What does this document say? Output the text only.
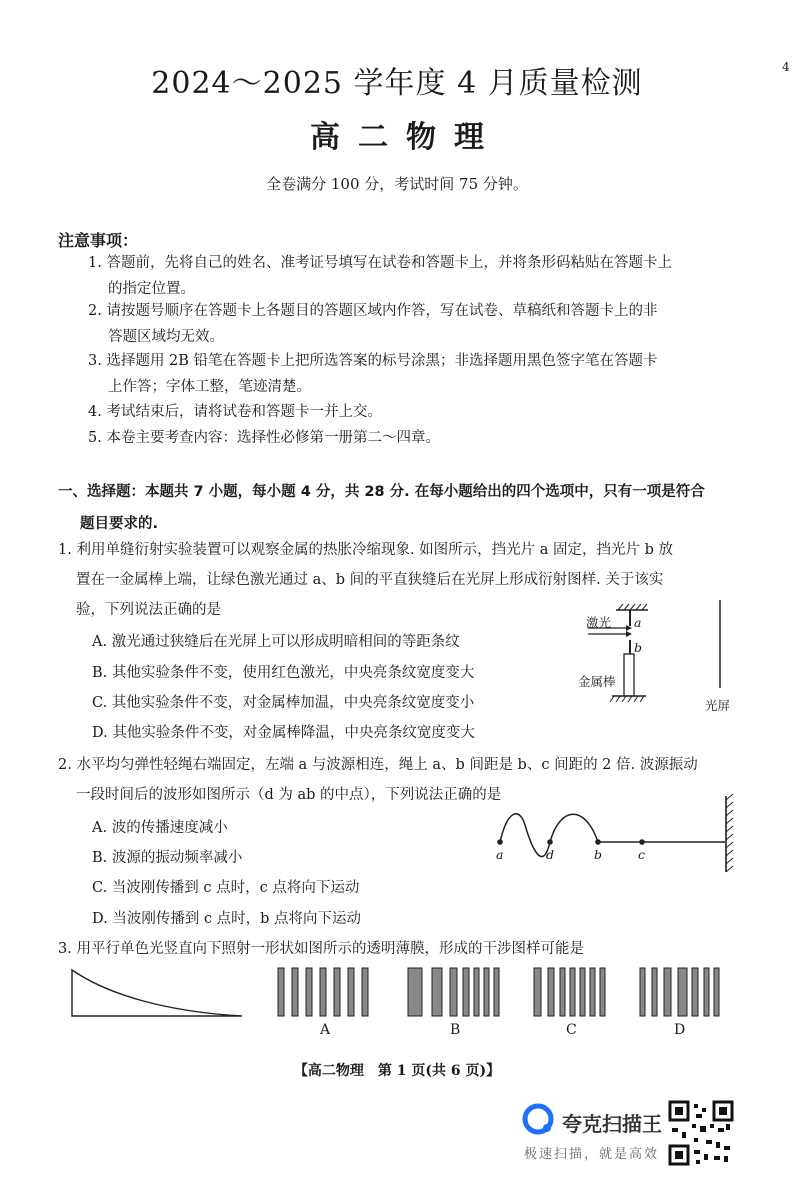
4
2024～2025 学年度 4 月质量检测
高二物理
全卷满分 100 分，考试时间 75 分钟。
注意事项：
1. 答题前，先将自己的姓名、准考证号填写在试卷和答题卡上，并将条形码粘贴在答题卡上
的指定位置。
2. 请按题号顺序在答题卡上各题目的答题区域内作答，写在试卷、草稿纸和答题卡上的非
答题区域均无效。
3. 选择题用 2B 铅笔在答题卡上把所选答案的标号涂黑；非选择题用黑色签字笔在答题卡
上作答；字体工整，笔迹清楚。
4. 考试结束后，请将试卷和答题卡一并上交。
5. 本卷主要考查内容：选择性必修第一册第二～四章。
一、选择题：本题共 7 小题，每小题 4 分，共 28 分. 在每小题给出的四个选项中，只有一项是符合
题目要求的.
1. 利用单缝衍射实验装置可以观察金属的热胀冷缩现象. 如图所示，挡光片 a 固定，挡光片 b 放
置在一金属棒上端，让绿色激光通过 a、b 间的平直狭缝后在光屏上形成衍射图样. 关于该实
验，下列说法正确的是
A. 激光通过狭缝后在光屏上可以形成明暗相间的等距条纹
B. 其他实验条件不变，使用红色激光，中央亮条纹宽度变大
C. 其他实验条件不变，对金属棒加温，中央亮条纹宽度变小
D. 其他实验条件不变，对金属棒降温，中央亮条纹宽度变大
激光 a
b
金属棒
光屏
2. 水平均匀弹性轻绳右端固定，左端 a 与波源相连，绳上 a、b 间距是 b、c 间距的 2 倍. 波源振动
一段时间后的波形如图所示（d 为 ab 的中点），下列说法正确的是
A. 波的传播速度减小
B. 波源的振动频率减小
C. 当波刚传播到 c 点时，c 点将向下运动
D. 当波刚传播到 c 点时，b 点将向下运动
a	d	b	c
3. 用平行单色光竖直向下照射一形状如图所示的透明薄膜，形成的干涉图样可能是
A	B	C	D
【高二物理　第 1 页(共 6 页)】
夸克扫描王
极速扫描，就是高效
